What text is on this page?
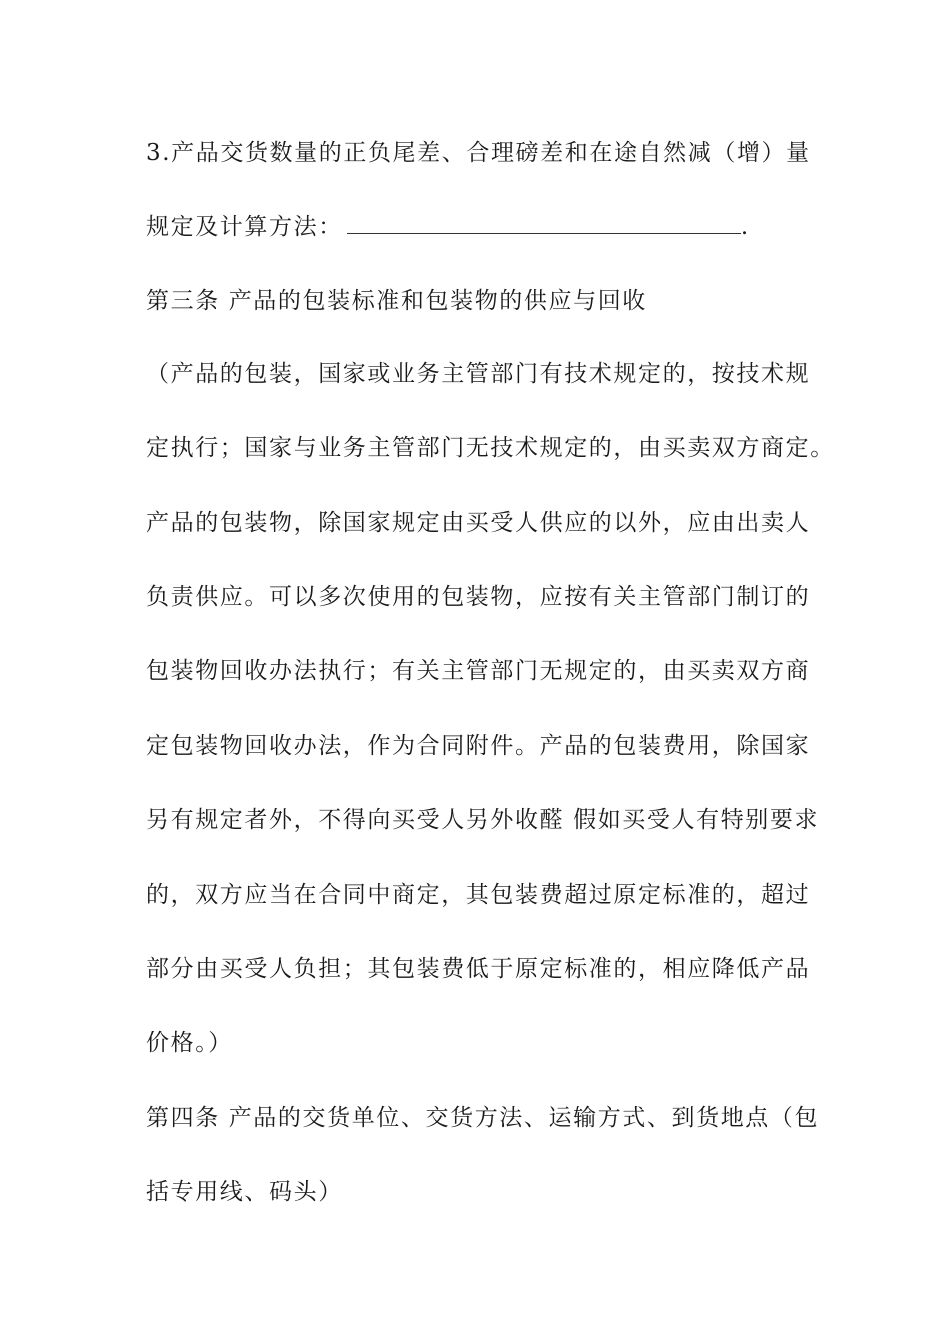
3.产品交货数量的正负尾差、合理磅差和在途自然减（增）量
规定及计算方法：	.
第三条 产品的包装标准和包装物的供应与回收
（产品的包装，国家或业务主管部门有技术规定的，按技术规
定执行；国家与业务主管部门无技术规定的，由买卖双方商定。
产品的包装物，除国家规定由买受人供应的以外，应由出卖人
负责供应。可以多次使用的包装物，应按有关主管部门制订的
包装物回收办法执行；有关主管部门无规定的，由买卖双方商
定包装物回收办法，作为合同附件。产品的包装费用，除国家
另有规定者外，不得向买受人另外收醛 假如买受人有特别要求
的，双方应当在合同中商定，其包装费超过原定标准的，超过
部分由买受人负担；其包装费低于原定标准的，相应降低产品
价格。）
第四条 产品的交货单位、交货方法、运输方式、到货地点（包
括专用线、码头）
